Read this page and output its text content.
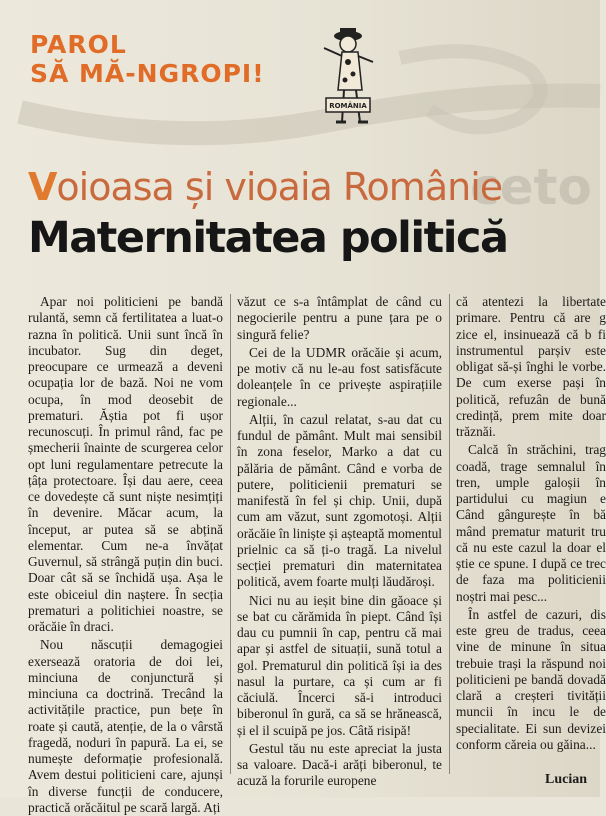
PAROL
SĂ MĂ-NGROPI!
ROMÂNIA
ceto
Voioasa și vioaia Românie
Maternitatea politică

Apar noi politicieni pe bandă rulantă, semn că fertilitatea a luat-o razna în politică. Unii sunt încă în incubator. Sug din deget, preocupare ce urmează a deveni ocupația lor de bază. Noi ne vom ocupa, în mod deosebit de prematuri. Ăștia pot fi ușor recunoscuți. În primul rând, fac pe șmecherii înainte de scurgerea celor opt luni regulamentare petrecute la țâța protectoare. Își dau aere, ceea ce dovedește că sunt niște nesimțiți în devenire. Măcar acum, la început, ar putea să se abțină elementar. Cum ne-a învățat Guvernul, să strângă puțin din buci. Doar cât să se închidă ușa. Așa le este obiceiul din naștere. În secția prematuri a politichiei noastre, se orăcăie în draci.

Nou născuții demagogiei exersează oratoria de doi lei, minciuna de conjunctură și minciuna ca doctrină. Trecând la activitățile practice, pun bețe în roate și caută, atenție, de la o vârstă fragedă, noduri în papură. La ei, se numește deformație profesională. Avem destui politicieni care, ajunși în diverse funcții de conducere, practică orăcăitul pe scară largă. Ați

văzut ce s-a întâmplat de când cu negocierile pentru a pune țara pe o singură felie?

Cei de la UDMR orăcăie și acum, pe motiv că nu le-au fost satisfăcute doleanțele în ce privește aspirațiile regionale...

Alții, în cazul relatat, s-au dat cu fundul de pământ. Mult mai sensibil în zona feselor, Marko a dat cu pălăria de pământ. Când e vorba de putere, politicienii prematuri se manifestă în fel și chip. Unii, după cum am văzut, sunt zgomotoși. Alții orăcăie în liniște și așteaptă momentul prielnic ca să ți-o tragă. La nivelul secției prematuri din maternitatea politică, avem foarte mulți lăudăroși.

Nici nu au ieșit bine din găoace și se bat cu cărămida în piept. Când își dau cu pumnii în cap, pentru că mai apar și astfel de situații, sună totul a gol. Prematurul din politică își ia des nasul la purtare, ca și cum ar fi căciulă. Încerci să-i introduci biberonul în gură, ca să se hrănească, și el il scuipă pe jos. Câtă risipă!

Gestul tău nu este apreciat la justa sa valoare. Dacă-i arăți biberonul, te acuză la forurile europene

că atentezi la libertate primare. Pentru că are g zice el, insinuează că b fi instrumentul parșiv este obligat să-și înghi le vorbe. De cum exerse pași în politică, refuzân de bună credință, prem mite doar trăznăi.

Calcă în străchini, trag coadă, trage semnalul în tren, umple galoșii în partidului cu magiun e Când gângurește în bă mând prematur maturit tru că nu este cazul la doar el știe ce spune. I după ce trec de faza ma politicienii noștri mai pesc...

În astfel de cazuri, dis este greu de tradus, ceea vine de minune în situa trebuie trași la răspund noi politicieni pe bandă dovadă clară a creșteri tivității muncii în incu le de specialitate. Ei sun devizei conform căreia ou găina...

Lucian
